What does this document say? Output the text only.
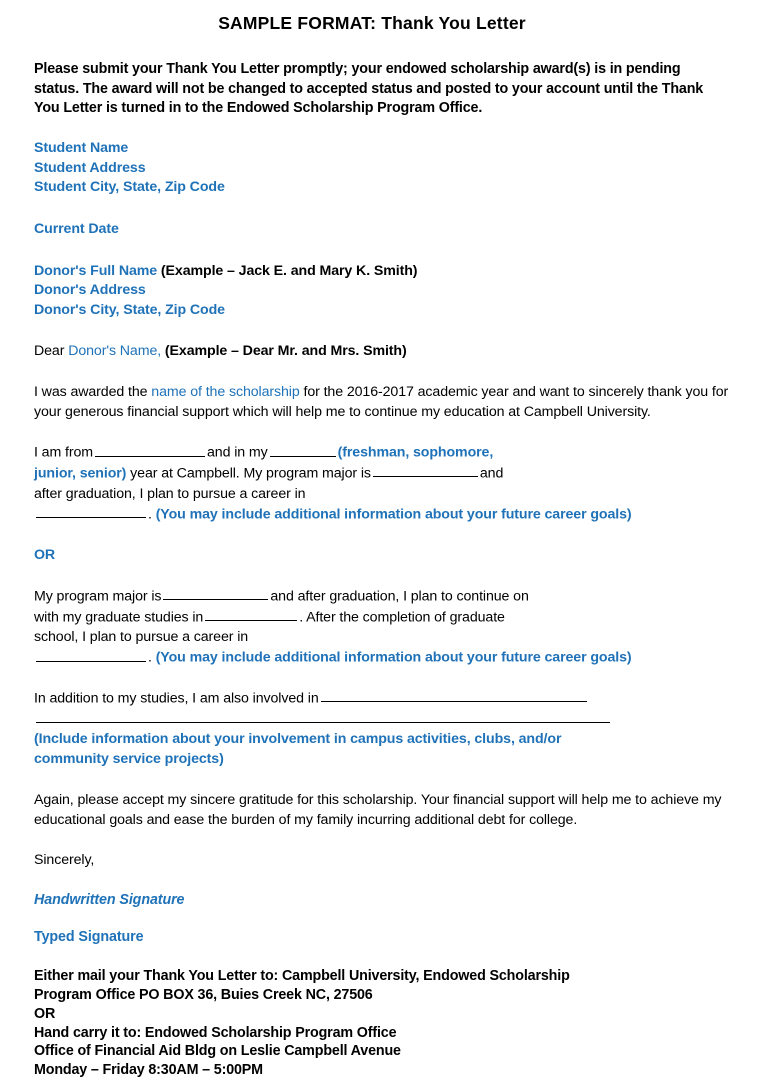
SAMPLE FORMAT: Thank You Letter
Please submit your Thank You Letter promptly; your endowed scholarship award(s) is in pending status. The award will not be changed to accepted status and posted to your account until the Thank You Letter is turned in to the Endowed Scholarship Program Office.
Student Name
Student Address
Student City, State, Zip Code
Current Date
Donor's Full Name (Example – Jack E. and Mary K. Smith)
Donor's Address
Donor's City, State, Zip Code
Dear Donor's Name, (Example – Dear Mr. and Mrs. Smith)
I was awarded the name of the scholarship for the 2016-2017 academic year and want to sincerely thank you for your generous financial support which will help me to continue my education at Campbell University.
I am from	and in my	(freshman, sophomore,
junior, senior) year at Campbell. My program major is	and
after graduation, I plan to pursue a career in
. (You may include additional information about your future career goals)
OR
My program major is	and after graduation, I plan to continue on
with my graduate studies in	. After the completion of graduate
school, I plan to pursue a career in
. (You may include additional information about your future career goals)
In addition to my studies, I am also involved in
(Include information about your involvement in campus activities, clubs, and/or
community service projects)
Again, please accept my sincere gratitude for this scholarship. Your financial support will help me to achieve my educational goals and ease the burden of my family incurring additional debt for college.
Sincerely,
Handwritten Signature
Typed Signature
Either mail your Thank You Letter to: Campbell University, Endowed Scholarship
Program Office PO BOX 36, Buies Creek NC, 27506
OR
Hand carry it to: Endowed Scholarship Program Office
Office of Financial Aid Bldg on Leslie Campbell Avenue
Monday – Friday 8:30AM – 5:00PM
